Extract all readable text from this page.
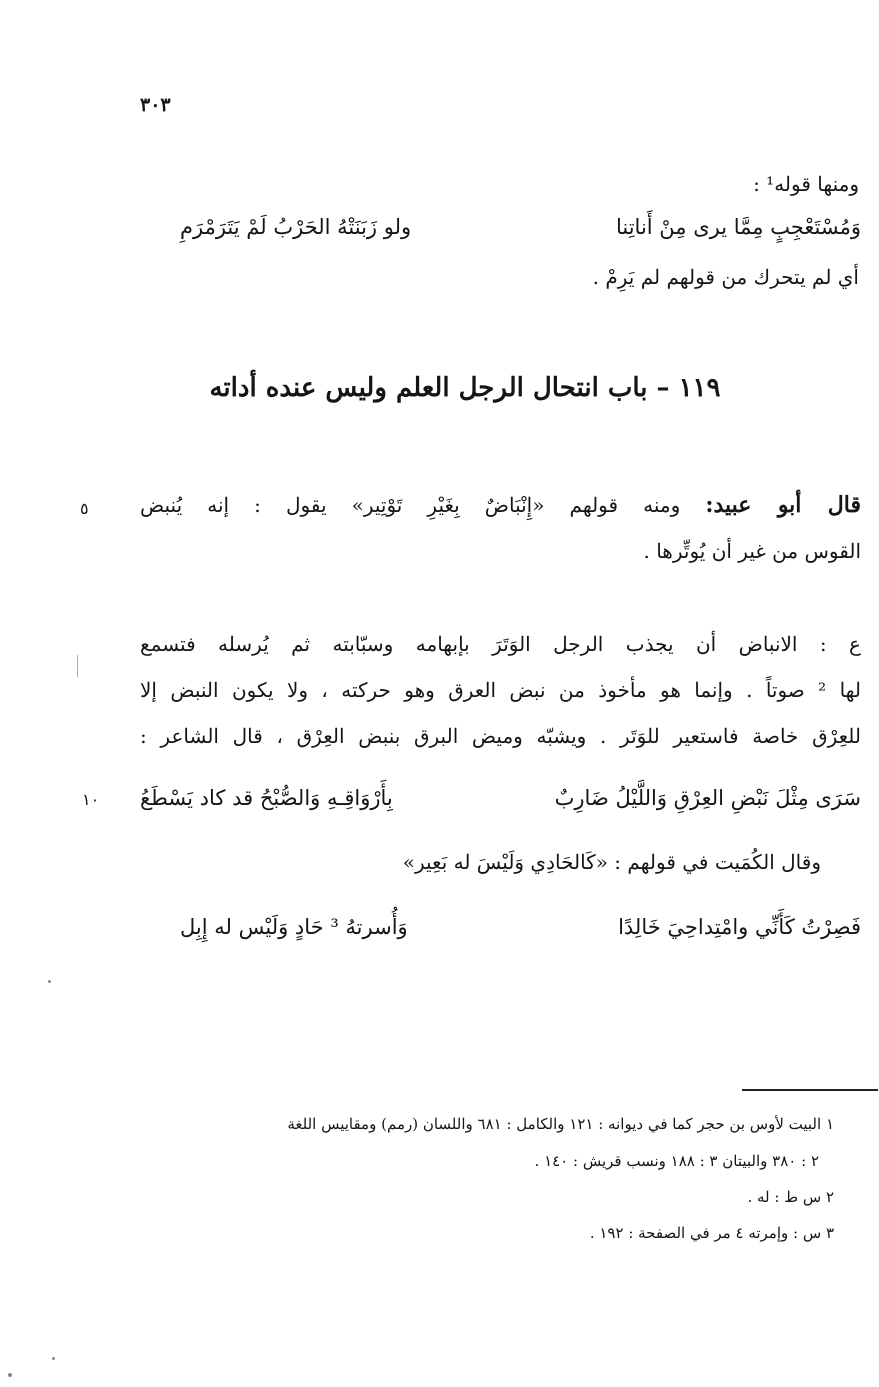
٣٠٣
ومنها قوله¹ :
وَمُسْتَعْجِبٍ مِمَّا يرى مِنْ أَناتِنا
ولو زَبَنَتْهُ الحَرْبُ لَمْ يَتَرَمْرَمِ
أي لم يتحرك من قولهم لم يَرِمْ .
١١٩ – باب انتحال الرجل العلم وليس عنده أداته
قال أبو عبيد: ومنه قولهم «إِنْبَاضٌ بِغَيْرِ تَوْتِير» يقول : إنه يُنبض
القوس من غير أن يُوتِّرها .
٥
ع : الانباض أن يجذب الرجل الوَتَرَ بإبهامه وسبّابته ثم يُرسله فتسمع
لها ² صوتاً . وإنما هو مأخوذ من نبض العرق وهو حركته ، ولا يكون النبض إلا
للعِرْق خاصة فاستعير للوَتَر . ويشبّه وميض البرق بنبض العِرْق ، قال الشاعر :
سَرَى مِثْلَ نَبْضِ العِرْقِ وَاللَّيْلُ ضَارِبٌ
بِأَرْوَاقِـهِ وَالصُّبْحُ قد كاد يَسْطَعُ
١٠
وقال الكُمَيت في قولهم : «كَالحَادِي وَلَيْسَ له بَعِير»
فَصِرْتُ كَأَنِّي وامْتِداحِيَ خَالِدًا
وَأُسرتهُ ³ حَادٍ وَلَيْس له إِبِل
١ البيت لأوس بن حجر كما في ديوانه : ١٢١ والكامل : ٦٨١ واللسان (رمم) ومقاييس اللغة
٢ : ٣٨٠ والبيتان ٣ : ١٨٨ ونسب قريش : ١٤٠ .
٢ س ط : له .
٣ س : وإمرته ٤ مر في الصفحة : ١٩٢ .
